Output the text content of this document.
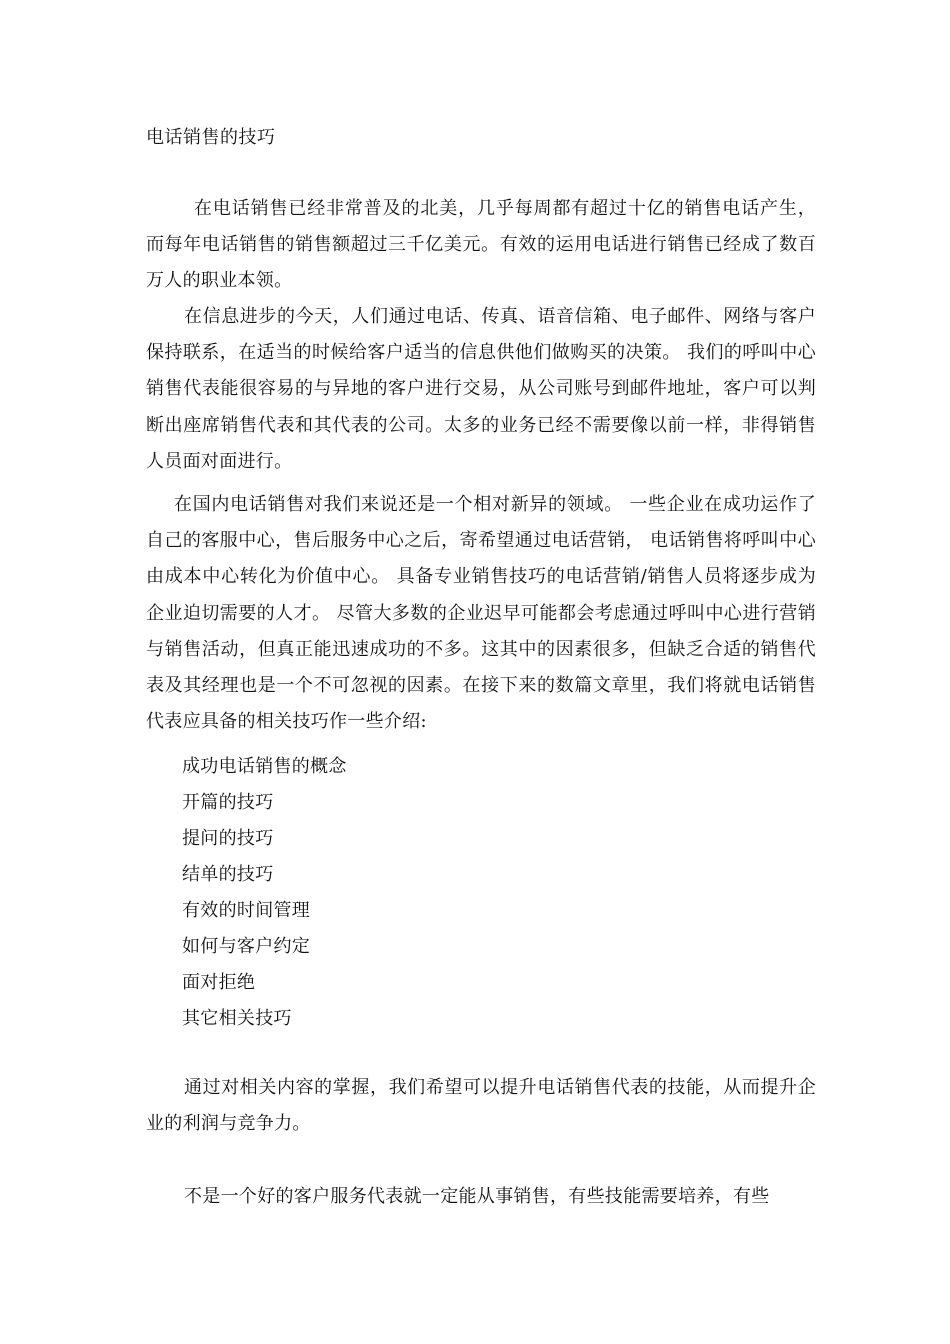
电话销售的技巧

在电话销售已经非常普及的北美，几乎每周都有超过十亿的销售电话产生，而每年电话销售的销售额超过三千亿美元。有效的运用电话进行销售已经成了数百万人的职业本领。

在信息进步的今天，人们通过电话、传真、语音信箱、电子邮件、网络与客户保持联系，在适当的时候给客户适当的信息供他们做购买的决策。 我们的呼叫中心销售代表能很容易的与异地的客户进行交易，从公司账号到邮件地址，客户可以判断出座席销售代表和其代表的公司。太多的业务已经不需要像以前一样，非得销售人员面对面进行。

在国内电话销售对我们来说还是一个相对新异的领域。 一些企业在成功运作了自己的客服中心，售后服务中心之后，寄希望通过电话营销， 电话销售将呼叫中心由成本中心转化为价值中心。 具备专业销售技巧的电话营销/销售人员将逐步成为企业迫切需要的人才。 尽管大多数的企业迟早可能都会考虑通过呼叫中心进行营销与销售活动，但真正能迅速成功的不多。这其中的因素很多，但缺乏合适的销售代表及其经理也是一个不可忽视的因素。在接下来的数篇文章里，我们将就电话销售代表应具备的相关技巧作一些介绍:

成功电话销售的概念
开篇的技巧
提问的技巧
结单的技巧
有效的时间管理
如何与客户约定
面对拒绝
其它相关技巧

通过对相关内容的掌握，我们希望可以提升电话销售代表的技能，从而提升企业的利润与竞争力。

不是一个好的客户服务代表就一定能从事销售，有些技能需要培养，有些
